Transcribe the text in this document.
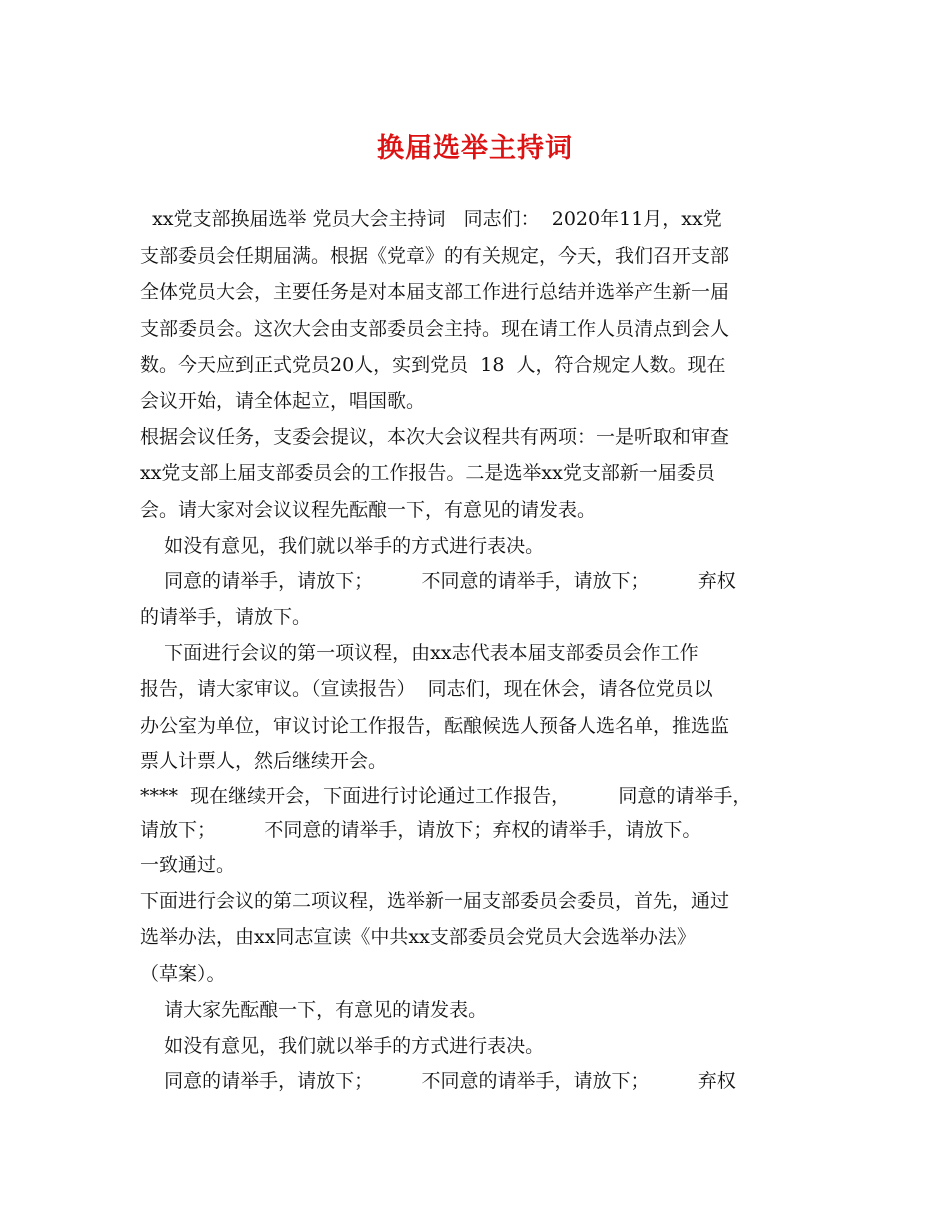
换届选举主持词
xx党支部换届选举 党员大会主持词   同志们：  2020年11月，xx党
支部委员会任期届满。根据《党章》的有关规定，今天，我们召开支部
全体党员大会，主要任务是对本届支部工作进行总结并选举产生新一届
支部委员会。这次大会由支部委员会主持。现在请工作人员清点到会人
数。今天应到正式党员20人，实到党员  18  人，符合规定人数。现在
会议开始，请全体起立，唱国歌。
根据会议任务，支委会提议，本次大会议程共有两项：一是听取和审查
xx党支部上届支部委员会的工作报告。二是选举xx党支部新一届委员
会。请大家对会议议程先酝酿一下，有意见的请发表。
如没有意见，我们就以举手的方式进行表决。
同意的请举手，请放下；        不同意的请举手，请放下；        弃权
的请举手，请放下。
下面进行会议的第一项议程，由xx志代表本届支部委员会作工作
报告，请大家审议。（宣读报告）  同志们，现在休会，请各位党员以
办公室为单位，审议讨论工作报告，酝酿候选人预备人选名单，推选监
票人计票人，然后继续开会。
****  现在继续开会，下面进行讨论通过工作报告，        同意的请举手，
请放下；        不同意的请举手，请放下；弃权的请举手，请放下。
一致通过。
下面进行会议的第二项议程，选举新一届支部委员会委员，首先，通过
选举办法，由xx同志宣读《中共xx支部委员会党员大会选举办法》
（草案）。
请大家先酝酿一下，有意见的请发表。
如没有意见，我们就以举手的方式进行表决。
同意的请举手，请放下；        不同意的请举手，请放下；        弃权
